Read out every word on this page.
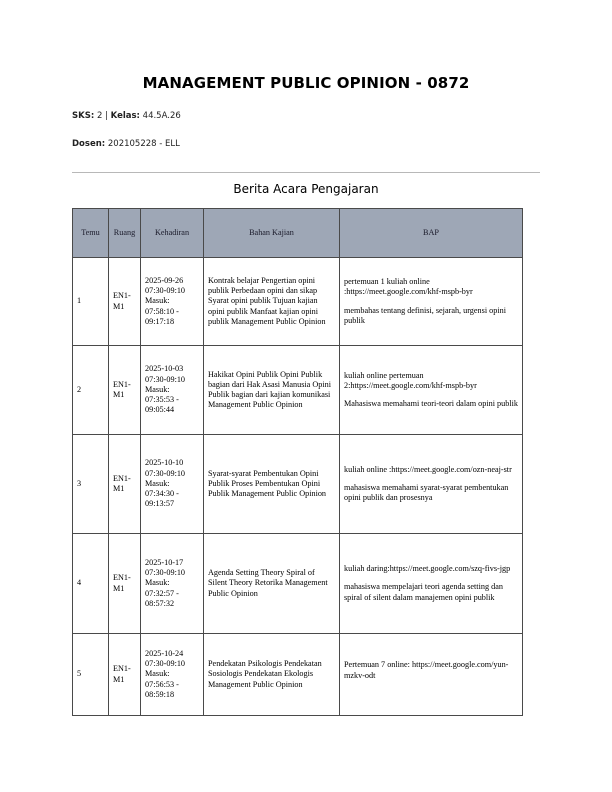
MANAGEMENT PUBLIC OPINION - 0872
SKS: 2 | Kelas: 44.5A.26
Dosen: 202105228 - ELL
Berita Acara Pengajaran
Temu	Ruang	Kehadiran	Bahan Kajian	BAP
1	EN1-M1	2025-09-26 07:30-09:10 Masuk: 07:58:10 - 09:17:18	Kontrak belajar Pengertian opini publik Perbedaan opini dan sikap Syarat opini publik Tujuan kajian opini publik Manfaat kajian opini publik Management Public Opinion	pertemuan 1 kuliah online :https://meet.google.com/khf-mspb-byr
membahas tentang definisi, sejarah, urgensi opini publik

2	EN1-M1	2025-10-03 07:30-09:10 Masuk: 07:35:53 - 09:05:44	Hakikat Opini Publik Opini Publik bagian dari Hak Asasi Manusia Opini Publik bagian dari kajian komunikasi Management Public Opinion	kuliah online pertemuan 2:https://meet.google.com/khf-mspb-byr
Mahasiswa memahami teori-teori dalam opini publik

3	EN1-M1	2025-10-10 07:30-09:10 Masuk: 07:34:30 - 09:13:57	Syarat-syarat Pembentukan Opini Publik Proses Pembentukan Opini Publik Management Public Opinion	kuliah online :https://meet.google.com/ozn-neaj-str
mahasiswa memahami syarat-syarat pembentukan opini publik dan prosesnya

4	EN1-M1	2025-10-17 07:30-09:10 Masuk: 07:32:57 - 08:57:32	Agenda Setting Theory Spiral of Silent Theory Retorika Management Public Opinion	kuliah daring:https://meet.google.com/szq-fivs-jgp
mahasiswa mempelajari teori agenda setting dan spiral of silent dalam manajemen opini publik

5	EN1-M1	2025-10-24 07:30-09:10 Masuk: 07:56:53 - 08:59:18	Pendekatan Psikologis Pendekatan Sosiologis Pendekatan Ekologis Management Public Opinion	Pertemuan 7 online: https://meet.google.com/yun-mzkv-odt
